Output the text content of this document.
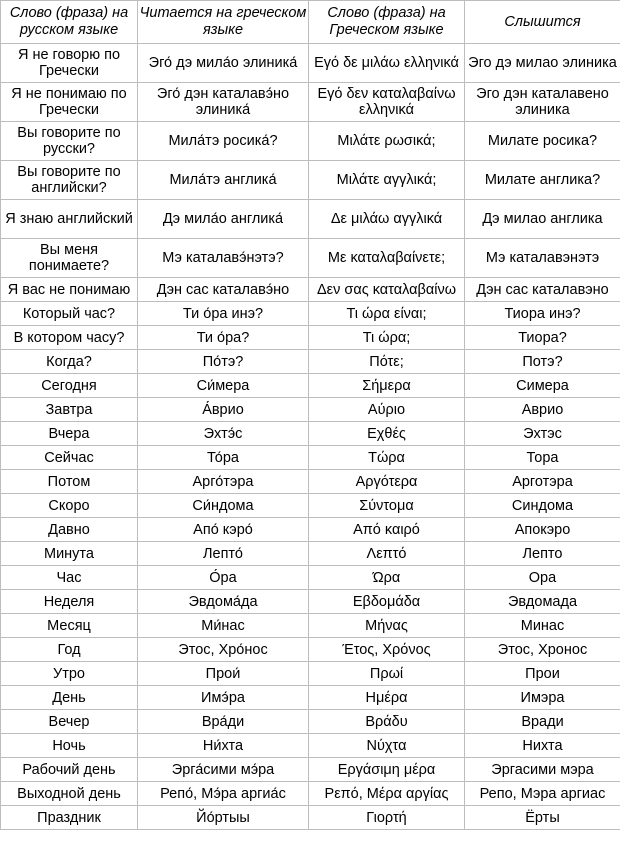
Слово (фраза) на русском языке	Читается на греческом языке	Слово (фраза) на Греческом языке	Слышится
Я не говорю по Гречески	Эго́ дэ мила́о элиника́	Εγό δε μιλάω ελληνικά	Эго дэ милао элиника
Я не понимаю по Гречески	Эго́ дэн каталавэ́но элиника́	Εγό δεν καταλαβαίνω ελληνικά	Эго дэн каталавено элиника
Вы говорите по русски?	Мила́тэ росика́?	Μιλάτε ρωσικά;	Милате росика?
Вы говорите по английски?	Мила́тэ англика́	Μιλάτε αγγλικά;	Милате англика?
Я знаю английский	Дэ мила́о англика́	Δε μιλάω αγγλικά	Дэ милао англика
Вы меня понимаете?	Мэ каталавэ́нэтэ?	Με καταλαβαίνετε;	Мэ каталавэнэтэ
Я вас не понимаю	Дэн сас каталавэ́но	Δεν σας καταλαβαίνω	Дэн сас каталавэно
Который час?	Ти о́ра инэ?	Τι ώρα είναι;	Тиора инэ?
В котором часу?	Ти о́ра?	Τι ώρα;	Тиора?
Когда?	По́тэ?	Πότε;	Потэ?
Сегодня	Си́мера	Σήμερα	Симера
Завтра	А́врио	Αύριο	Аврио
Вчера	Эхтэ́с	Εχθές	Эхтэс
Сейчас	То́ра	Τώρα	Тора
Потом	Арго́тэра	Αργότερα	Арготэра
Скоро	Си́ндома	Σύντομα	Синдома
Давно	Апо́ кэро́	Από καιρό	Апокэро
Минута	Лепто́	Λεπτό	Лепто
Час	О́ра	Ώρα	Ора
Неделя	Эвдома́да	Εβδομάδα	Эвдомада
Месяц	Ми́нас	Μήνας	Минас
Год	Этос, Хро́нос	Έτος, Χρόνος	Этос, Хронос
Утро	Прои́	Πρωί	Прои
День	Имэ́ра	Ημέρα	Имэра
Вечер	Вра́ди	Βράδυ	Вради
Ночь	Ни́хта	Νύχτα	Нихта
Рабочий день	Эрга́сими мэ́ра	Εργάσιμη μέρα	Эргасими мэра
Выходной день	Репо́, Мэ́ра аргиа́с	Ρεπό, Μέρα αργίας	Репо, Мэра аргиас
Праздник	Йо́ртыы	Γιορτή	Ёрты
